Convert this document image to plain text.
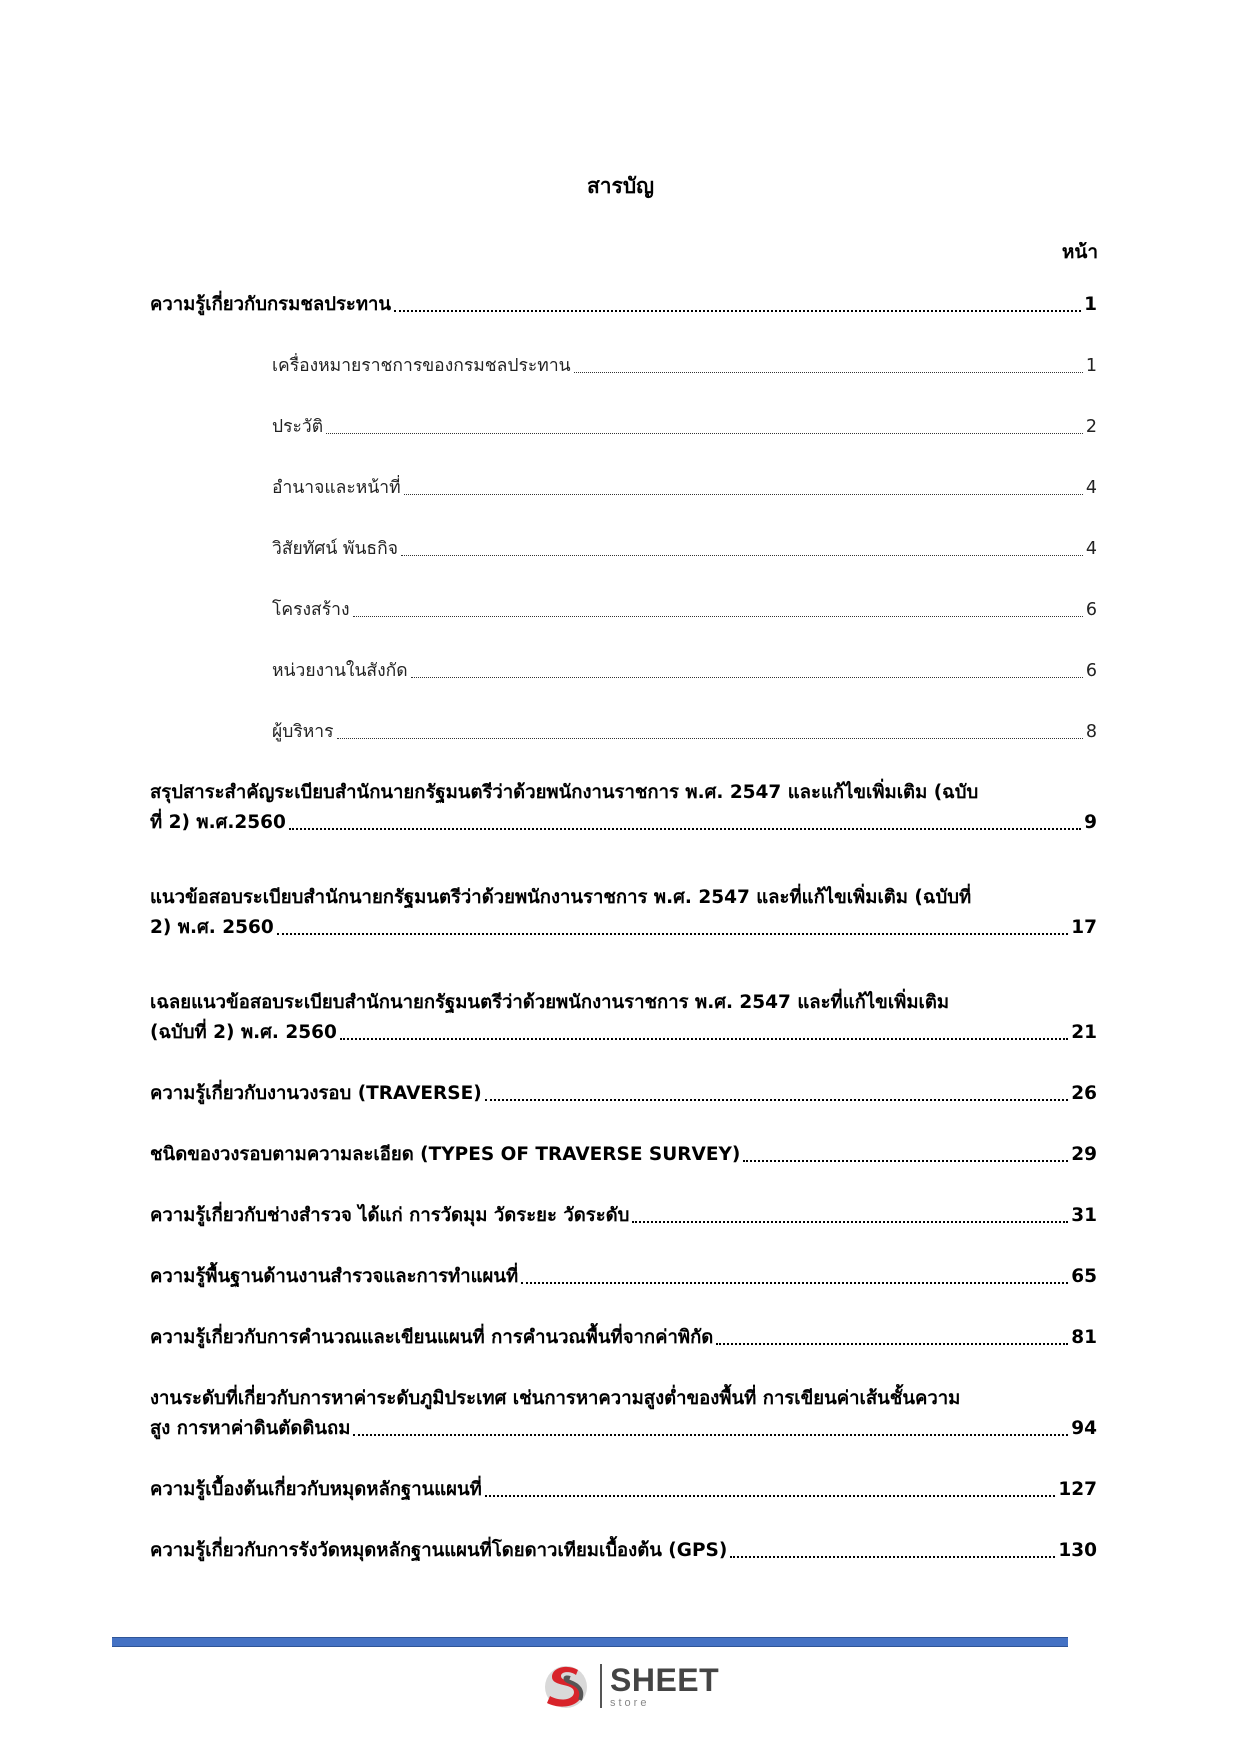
สารบัญ
หน้า
ความรู้เกี่ยวกับกรมชลประทาน	1
เครื่องหมายราชการของกรมชลประทาน	1
ประวัติ	2
อำนาจและหน้าที่	4
วิสัยทัศน์ พันธกิจ	4
โครงสร้าง	6
หน่วยงานในสังกัด	6
ผู้บริหาร	8
สรุปสาระสำคัญระเบียบสำนักนายกรัฐมนตรีว่าด้วยพนักงานราชการ พ.ศ. 2547 และแก้ไขเพิ่มเติม (ฉบับ
ที่ 2) พ.ศ.2560	9
แนวข้อสอบระเบียบสำนักนายกรัฐมนตรีว่าด้วยพนักงานราชการ พ.ศ. 2547 และที่แก้ไขเพิ่มเติม (ฉบับที่
2) พ.ศ. 2560	17
เฉลยแนวข้อสอบระเบียบสำนักนายกรัฐมนตรีว่าด้วยพนักงานราชการ พ.ศ. 2547 และที่แก้ไขเพิ่มเติม
(ฉบับที่ 2) พ.ศ. 2560	21
ความรู้เกี่ยวกับงานวงรอบ (TRAVERSE)	26
ชนิดของวงรอบตามความละเอียด (TYPES OF TRAVERSE SURVEY)	29
ความรู้เกี่ยวกับช่างสำรวจ ได้แก่ การวัดมุม วัดระยะ วัดระดับ	31
ความรู้พื้นฐานด้านงานสำรวจและการทำแผนที่	65
ความรู้เกี่ยวกับการคำนวณและเขียนแผนที่ การคำนวณพื้นที่จากค่าพิกัด	81
งานระดับที่เกี่ยวกับการหาค่าระดับภูมิประเทศ เช่นการหาความสูงต่ำของพื้นที่ การเขียนค่าเส้นชั้นความ
สูง การหาค่าดินตัดดินถม	94
ความรู้เบื้องต้นเกี่ยวกับหมุดหลักฐานแผนที่	127
ความรู้เกี่ยวกับการรังวัดหมุดหลักฐานแผนที่โดยดาวเทียมเบื้องต้น (GPS)	130
SHEET
store
